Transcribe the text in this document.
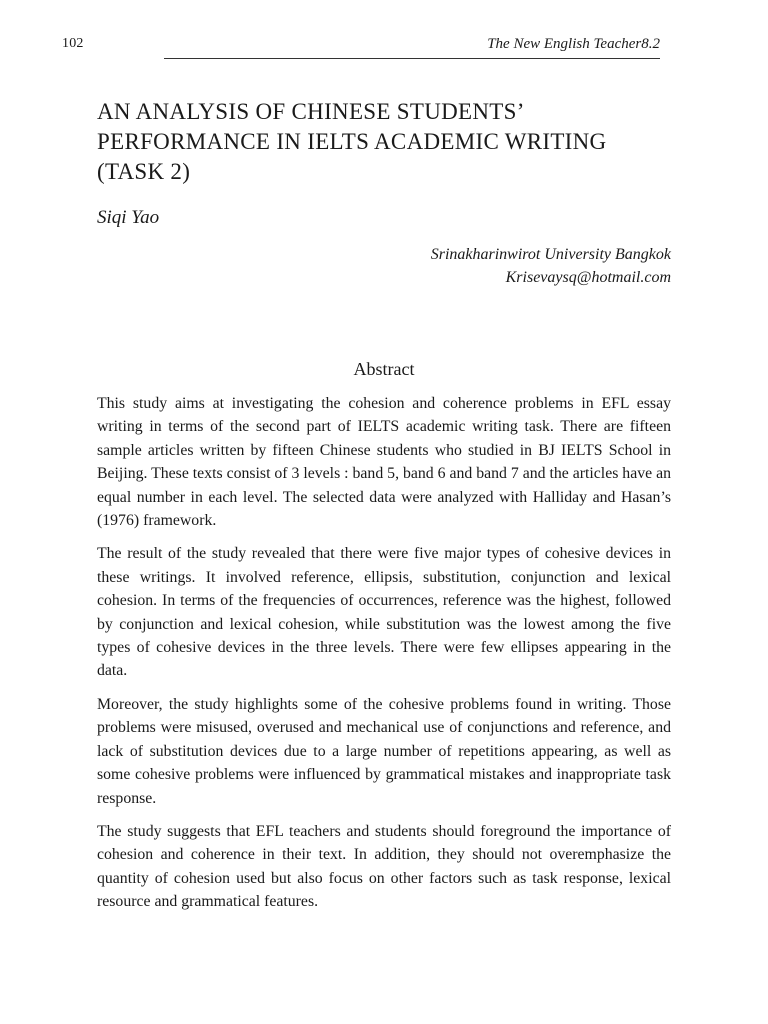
102	The New English Teacher8.2
AN ANALYSIS OF CHINESE STUDENTS’ PERFORMANCE IN IELTS ACADEMIC WRITING (TASK 2)
Siqi Yao
Srinakharinwirot University Bangkok
Krisevaysq@hotmail.com
Abstract

This study aims at investigating the cohesion and coherence problems in EFL essay writing in terms of the second part of IELTS academic writing task. There are fifteen sample articles written by fifteen Chinese students who studied in BJ IELTS School in Beijing. These texts consist of 3 levels : band 5, band 6 and band 7 and the articles have an equal number in each level. The selected data were analyzed with Halliday and Hasan’s (1976) framework.

The result of the study revealed that there were five major types of cohesive devices in these writings. It involved reference, ellipsis, substitution, conjunction and lexical cohesion. In terms of the frequencies of occurrences, reference was the highest, followed by conjunction and lexical cohesion, while substitution was the lowest among the five types of cohesive devices in the three levels. There were few ellipses appearing in the data.

Moreover, the study highlights some of the cohesive problems found in writing. Those problems were misused, overused and mechanical use of conjunctions and reference, and lack of substitution devices due to a large number of repetitions appearing, as well as some cohesive problems were influenced by grammatical mistakes and inappropriate task response.

The study suggests that EFL teachers and students should foreground the importance of cohesion and coherence in their text. In addition, they should not overemphasize the quantity of cohesion used but also focus on other factors such as task response, lexical resource and grammatical features.
